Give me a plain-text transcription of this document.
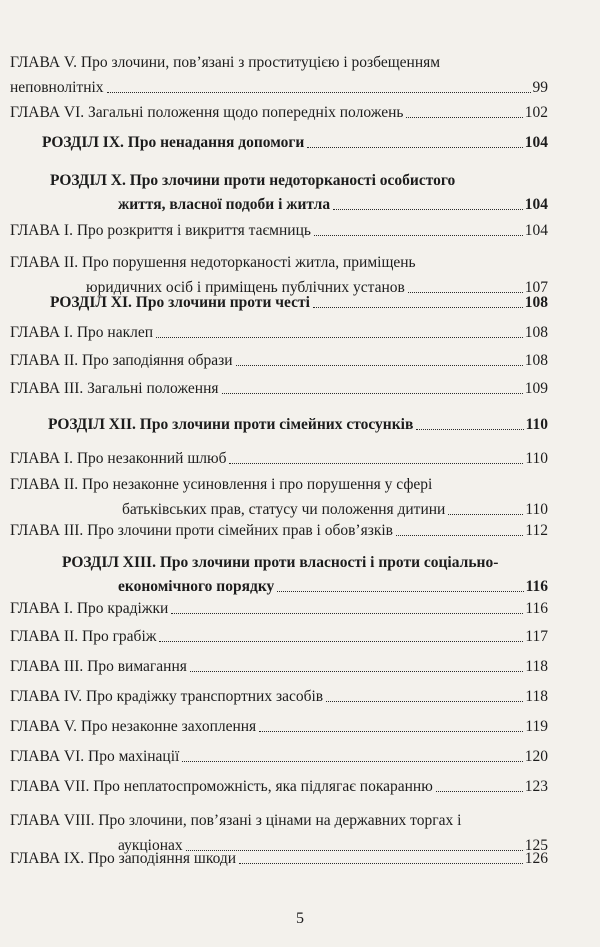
ГЛАВА V. Про злочини, пов’язані з проституцією і розбещенням
неповнолітніх	99
ГЛАВА VI. Загальні положення щодо попередніх положень	102
РОЗДІЛ IX. Про ненадання допомоги	104
РОЗДІЛ X. Про злочини проти недоторканості особистого
життя, власної подоби і житла	104
ГЛАВА I. Про розкриття і викриття таємниць	104
ГЛАВА II. Про порушення недоторканості житла, приміщень
юридичних осіб і приміщень публічних установ	107
РОЗДІЛ XI. Про злочини проти честі	108
ГЛАВА I. Про наклеп	108
ГЛАВА II. Про заподіяння образи	108
ГЛАВА III. Загальні положення	109
РОЗДІЛ XII. Про злочини проти сімейних стосунків	110
ГЛАВА I. Про незаконний шлюб	110
ГЛАВА II. Про незаконне усиновлення і про порушення у сфері
батьківських прав, статусу чи положення дитини	110
ГЛАВА III. Про злочини проти сімейних прав і обов’язків	112
РОЗДІЛ XIII. Про злочини проти власності і проти соціально-
економічного порядку	116
ГЛАВА I. Про крадіжки	116
ГЛАВА II. Про грабіж	117
ГЛАВА III. Про вимагання	118
ГЛАВА IV. Про крадіжку транспортних засобів	118
ГЛАВА V. Про незаконне захоплення	119
ГЛАВА VI. Про махінації	120
ГЛАВА VII. Про неплатоспроможність, яка підлягає покаранню	123
ГЛАВА VIII. Про злочини, пов’язані з цінами на державних торгах і
аукціонах	125
ГЛАВА IX. Про заподіяння шкоди	126
5
